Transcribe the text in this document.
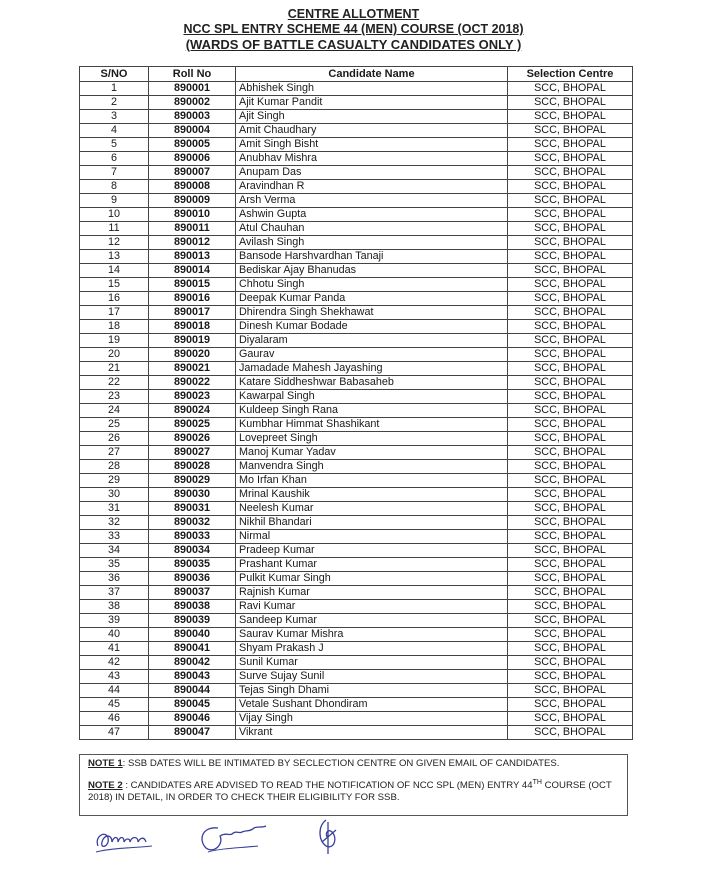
CENTRE ALLOTMENT
NCC SPL ENTRY SCHEME 44 (MEN) COURSE (OCT 2018)
(WARDS OF BATTLE CASUALTY CANDIDATES ONLY )
S/NO	Roll No	Candidate Name	Selection Centre
1	890001	Abhishek Singh	SCC, BHOPAL
2	890002	Ajit Kumar Pandit	SCC, BHOPAL
3	890003	Ajit Singh	SCC, BHOPAL
4	890004	Amit Chaudhary	SCC, BHOPAL
5	890005	Amit Singh Bisht	SCC, BHOPAL
6	890006	Anubhav Mishra	SCC, BHOPAL
7	890007	Anupam Das	SCC, BHOPAL
8	890008	Aravindhan R	SCC, BHOPAL
9	890009	Arsh Verma	SCC, BHOPAL
10	890010	Ashwin Gupta	SCC, BHOPAL
11	890011	Atul Chauhan	SCC, BHOPAL
12	890012	Avilash Singh	SCC, BHOPAL
13	890013	Bansode Harshvardhan Tanaji	SCC, BHOPAL
14	890014	Bediskar Ajay Bhanudas	SCC, BHOPAL
15	890015	Chhotu Singh	SCC, BHOPAL
16	890016	Deepak Kumar Panda	SCC, BHOPAL
17	890017	Dhirendra Singh Shekhawat	SCC, BHOPAL
18	890018	Dinesh Kumar Bodade	SCC, BHOPAL
19	890019	Diyalaram	SCC, BHOPAL
20	890020	Gaurav	SCC, BHOPAL
21	890021	Jamadade Mahesh Jayashing	SCC, BHOPAL
22	890022	Katare Siddheshwar Babasaheb	SCC, BHOPAL
23	890023	Kawarpal Singh	SCC, BHOPAL
24	890024	Kuldeep Singh Rana	SCC, BHOPAL
25	890025	Kumbhar Himmat Shashikant	SCC, BHOPAL
26	890026	Lovepreet Singh	SCC, BHOPAL
27	890027	Manoj Kumar Yadav	SCC, BHOPAL
28	890028	Manvendra Singh	SCC, BHOPAL
29	890029	Mo Irfan Khan	SCC, BHOPAL
30	890030	Mrinal Kaushik	SCC, BHOPAL
31	890031	Neelesh Kumar	SCC, BHOPAL
32	890032	Nikhil Bhandari	SCC, BHOPAL
33	890033	Nirmal	SCC, BHOPAL
34	890034	Pradeep Kumar	SCC, BHOPAL
35	890035	Prashant Kumar	SCC, BHOPAL
36	890036	Pulkit Kumar Singh	SCC, BHOPAL
37	890037	Rajnish Kumar	SCC, BHOPAL
38	890038	Ravi Kumar	SCC, BHOPAL
39	890039	Sandeep Kumar	SCC, BHOPAL
40	890040	Saurav Kumar Mishra	SCC, BHOPAL
41	890041	Shyam Prakash J	SCC, BHOPAL
42	890042	Sunil Kumar	SCC, BHOPAL
43	890043	Surve Sujay Sunil	SCC, BHOPAL
44	890044	Tejas Singh Dhami	SCC, BHOPAL
45	890045	Vetale Sushant Dhondiram	SCC, BHOPAL
46	890046	Vijay Singh	SCC, BHOPAL
47	890047	Vikrant	SCC, BHOPAL

NOTE 1: SSB DATES WILL BE INTIMATED BY SECLECTION CENTRE ON GIVEN EMAIL OF CANDIDATES.

NOTE 2 : CANDIDATES ARE ADVISED TO READ THE NOTIFICATION OF NCC SPL (MEN) ENTRY 44TH COURSE (OCT 2018) IN DETAIL, IN ORDER TO CHECK THEIR ELIGIBILITY FOR SSB.
